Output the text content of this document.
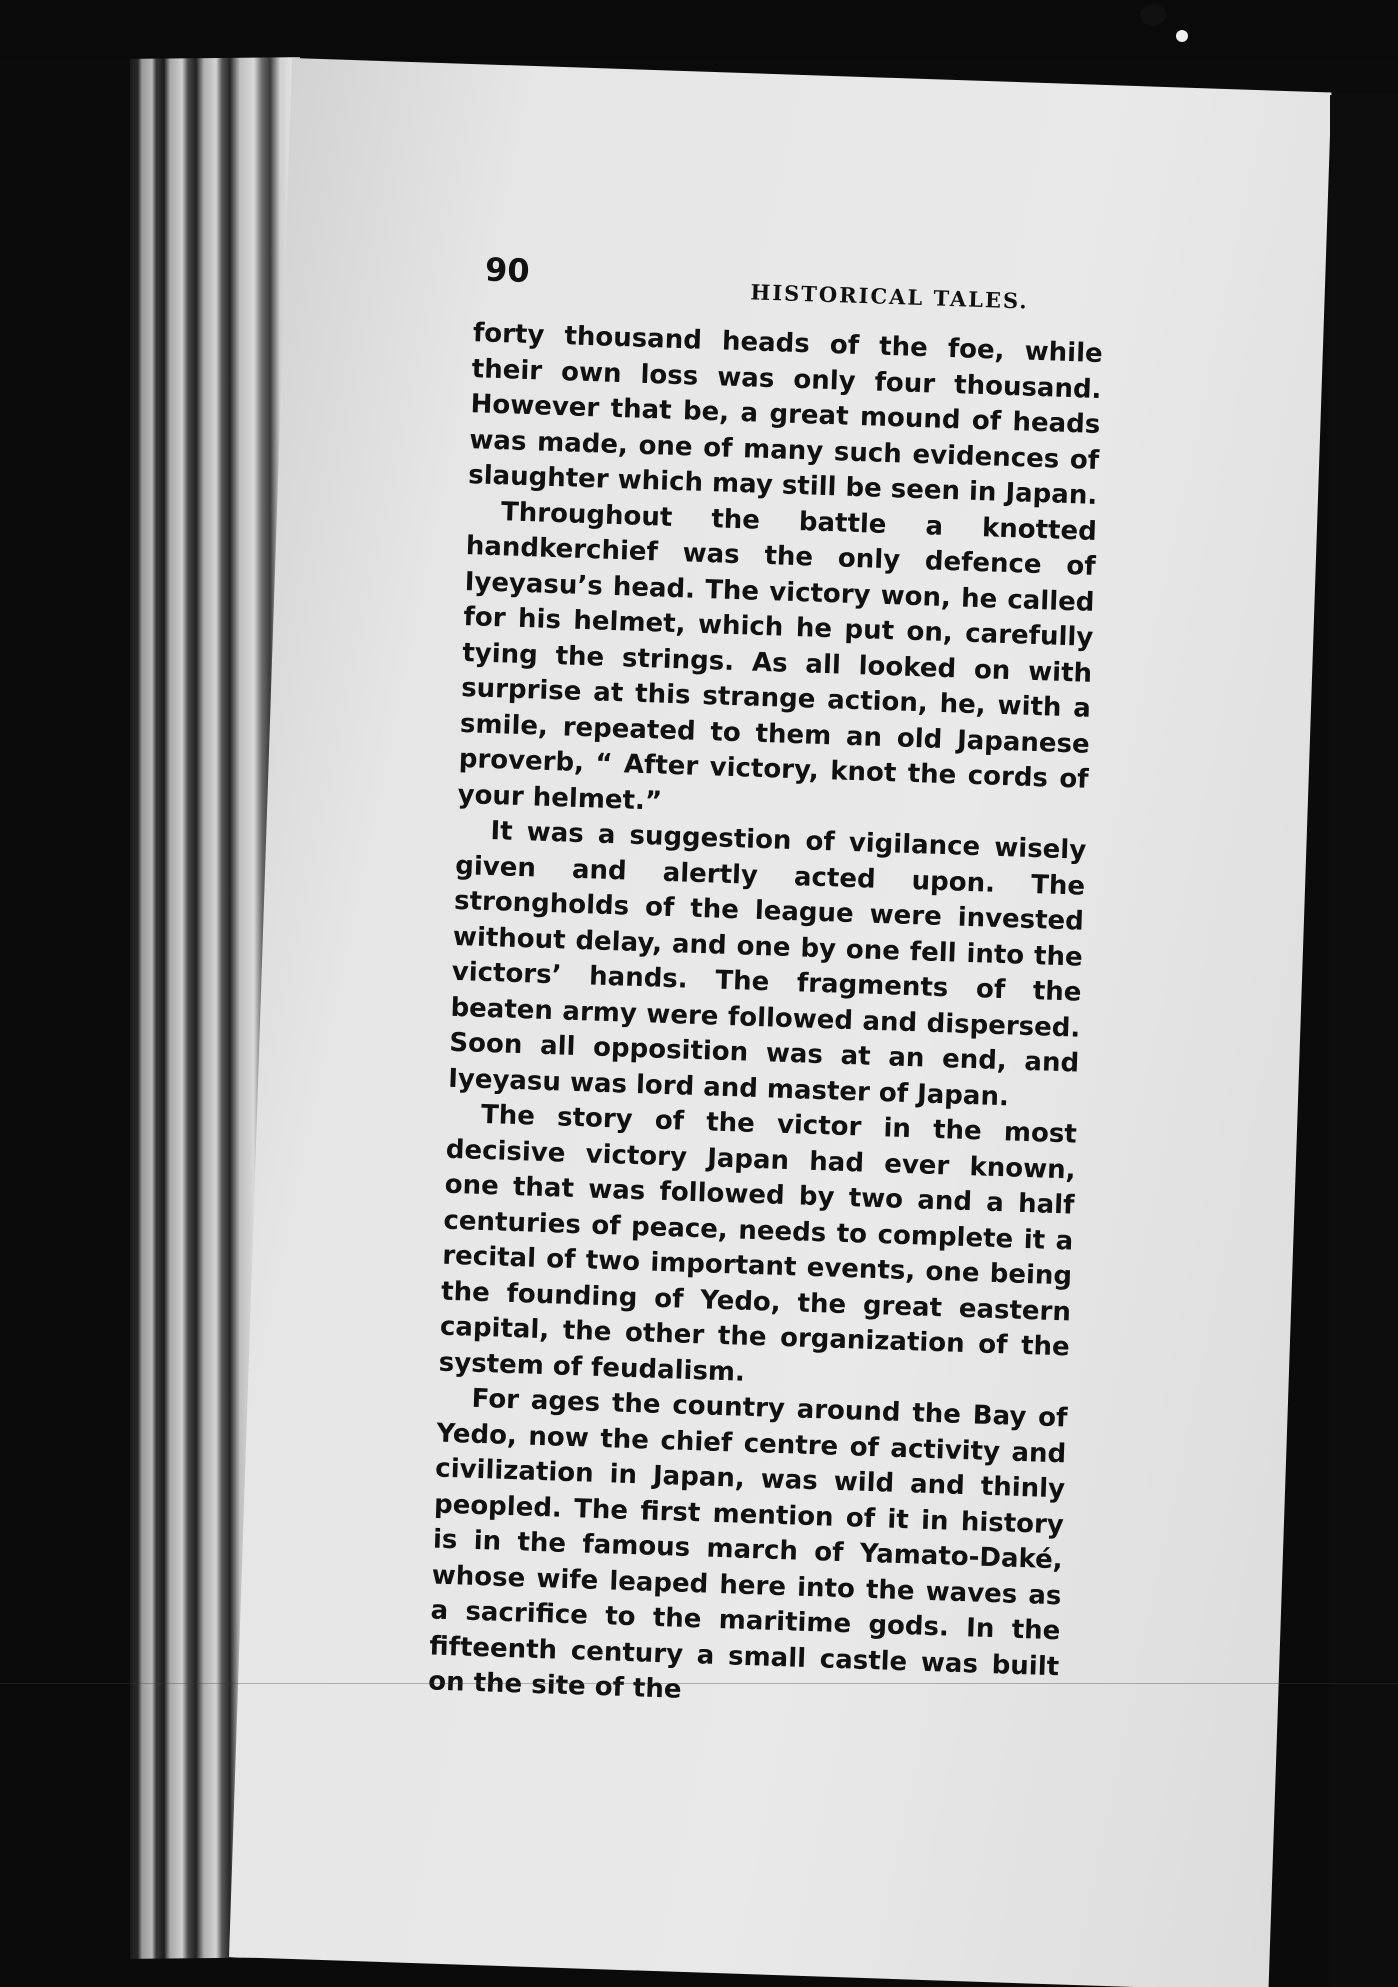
90
HISTORICAL TALES.

forty thousand heads of the foe, while their own loss was only four thousand. However that be, a great mound of heads was made, one of many such evidences of slaughter which may still be seen in Japan.

Throughout the battle a knotted handkerchief was the only defence of Iyeyasu’s head. The victory won, he called for his helmet, which he put on, carefully tying the strings. As all looked on with surprise at this strange action, he, with a smile, repeated to them an old Japanese proverb, “ After victory, knot the cords of your helmet.”

It was a suggestion of vigilance wisely given and alertly acted upon. The strongholds of the league were invested without delay, and one by one fell into the victors’ hands. The fragments of the beaten army were followed and dispersed. Soon all opposition was at an end, and Iyeyasu was lord and master of Japan.

The story of the victor in the most decisive victory Japan had ever known, one that was followed by two and a half centuries of peace, needs to complete it a recital of two important events, one being the founding of Yedo, the great eastern capital, the other the organization of the system of feudalism.

For ages the country around the Bay of Yedo, now the chief centre of activity and civilization in Japan, was wild and thinly peopled. The first mention of it in history is in the famous march of Yamato-Daké, whose wife leaped here into the waves as a sacrifice to the maritime gods. In the fifteenth century a small castle was built on the site of the
